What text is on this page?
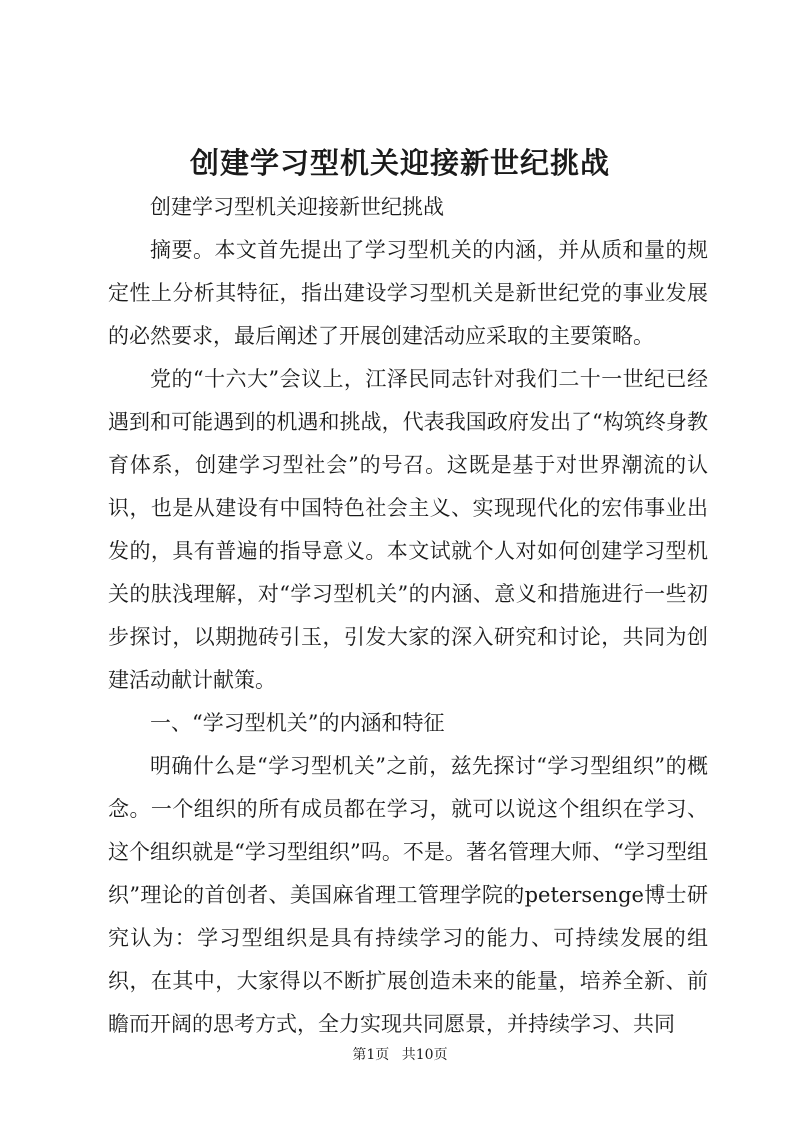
创建学习型机关迎接新世纪挑战

创建学习型机关迎接新世纪挑战

摘要。本文首先提出了学习型机关的内涵，并从质和量的规定性上分析其特征，指出建设学习型机关是新世纪党的事业发展的必然要求，最后阐述了开展创建活动应采取的主要策略。

党的“十六大”会议上，江泽民同志针对我们二十一世纪已经遇到和可能遇到的机遇和挑战，代表我国政府发出了“构筑终身教育体系，创建学习型社会”的号召。这既是基于对世界潮流的认识，也是从建设有中国特色社会主义、实现现代化的宏伟事业出发的，具有普遍的指导意义。本文试就个人对如何创建学习型机关的肤浅理解，对“学习型机关”的内涵、意义和措施进行一些初步探讨，以期抛砖引玉，引发大家的深入研究和讨论，共同为创建活动献计献策。

一、“学习型机关”的内涵和特征

明确什么是“学习型机关”之前，兹先探讨“学习型组织”的概念。一个组织的所有成员都在学习，就可以说这个组织在学习、这个组织就是“学习型组织”吗。不是。著名管理大师、“学习型组织”理论的首创者、美国麻省理工管理学院的petersenge博士研究认为：学习型组织是具有持续学习的能力、可持续发展的组织，在其中，大家得以不断扩展创造未来的能量，培养全新、前瞻而开阔的思考方式，全力实现共同愿景，并持续学习、共同

第1页 共10页
